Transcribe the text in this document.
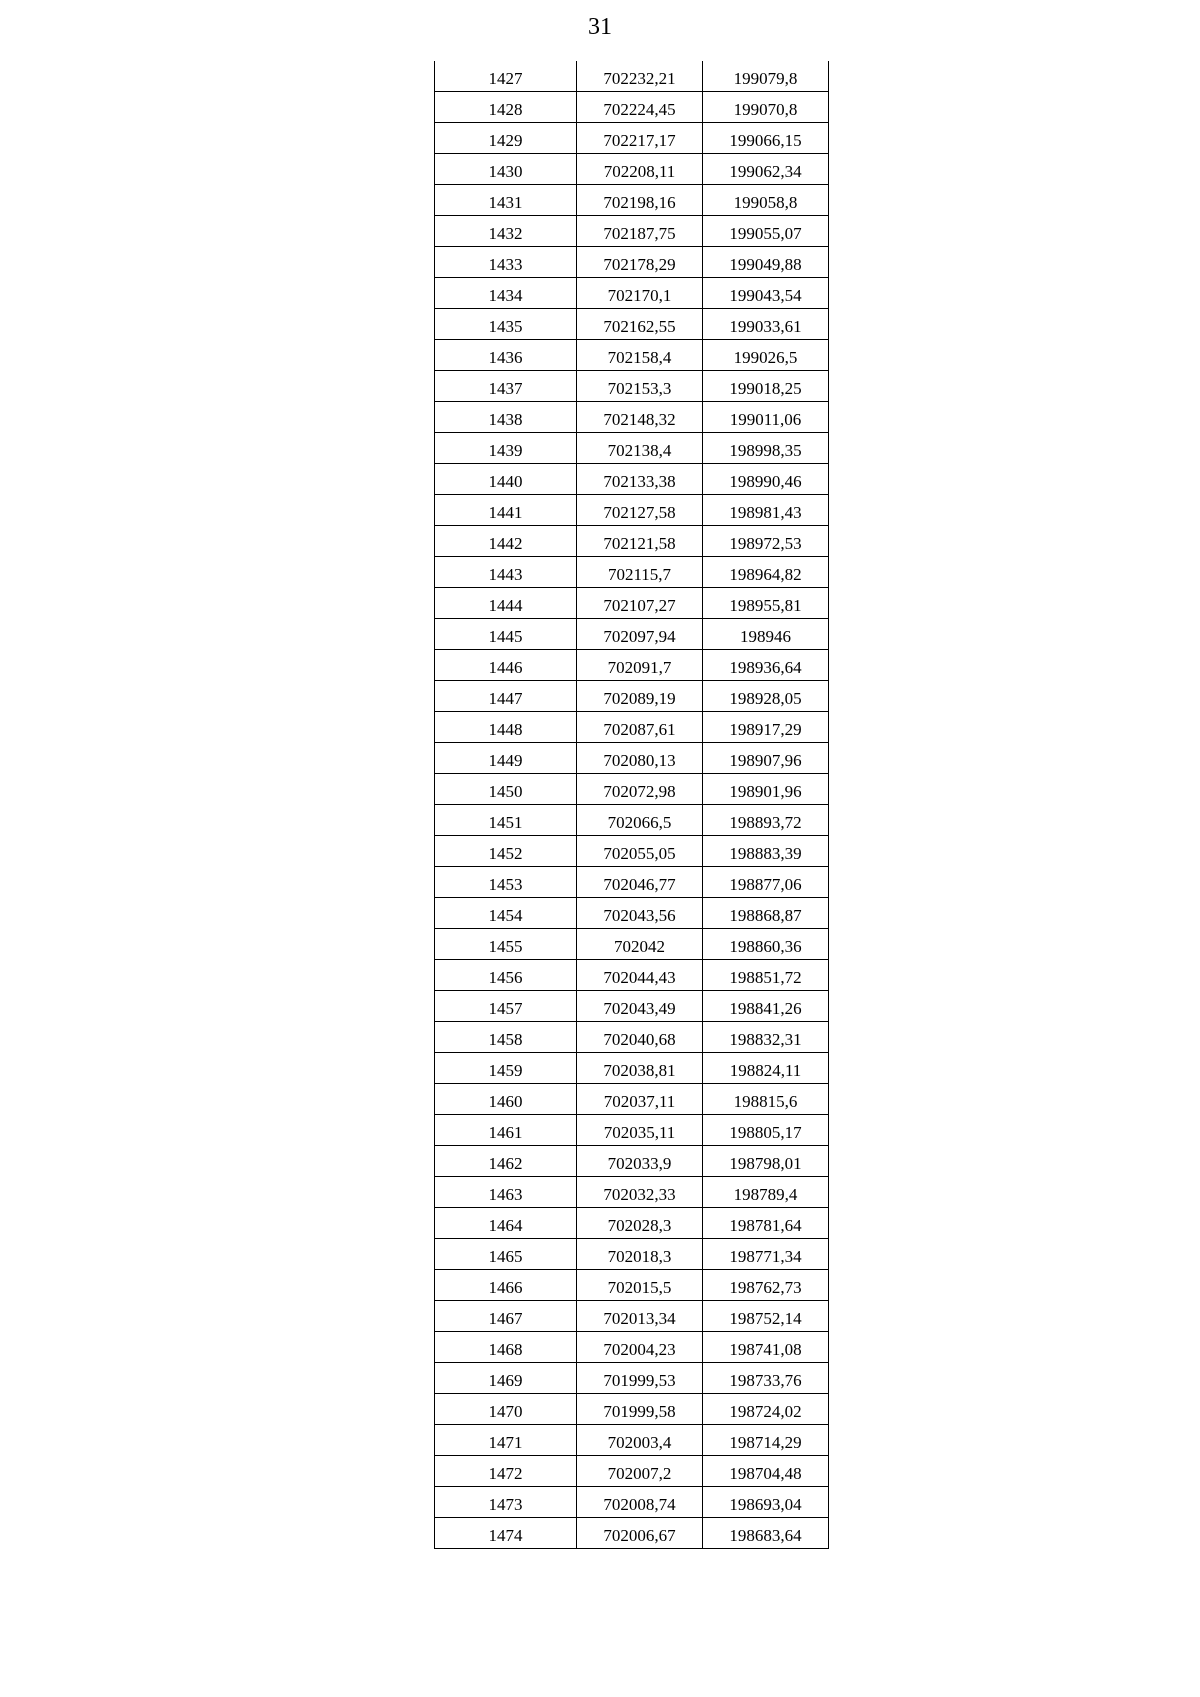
31
1427	702232,21	199079,8
1428	702224,45	199070,8
1429	702217,17	199066,15
1430	702208,11	199062,34
1431	702198,16	199058,8
1432	702187,75	199055,07
1433	702178,29	199049,88
1434	702170,1	199043,54
1435	702162,55	199033,61
1436	702158,4	199026,5
1437	702153,3	199018,25
1438	702148,32	199011,06
1439	702138,4	198998,35
1440	702133,38	198990,46
1441	702127,58	198981,43
1442	702121,58	198972,53
1443	702115,7	198964,82
1444	702107,27	198955,81
1445	702097,94	198946
1446	702091,7	198936,64
1447	702089,19	198928,05
1448	702087,61	198917,29
1449	702080,13	198907,96
1450	702072,98	198901,96
1451	702066,5	198893,72
1452	702055,05	198883,39
1453	702046,77	198877,06
1454	702043,56	198868,87
1455	702042	198860,36
1456	702044,43	198851,72
1457	702043,49	198841,26
1458	702040,68	198832,31
1459	702038,81	198824,11
1460	702037,11	198815,6
1461	702035,11	198805,17
1462	702033,9	198798,01
1463	702032,33	198789,4
1464	702028,3	198781,64
1465	702018,3	198771,34
1466	702015,5	198762,73
1467	702013,34	198752,14
1468	702004,23	198741,08
1469	701999,53	198733,76
1470	701999,58	198724,02
1471	702003,4	198714,29
1472	702007,2	198704,48
1473	702008,74	198693,04
1474	702006,67	198683,64
